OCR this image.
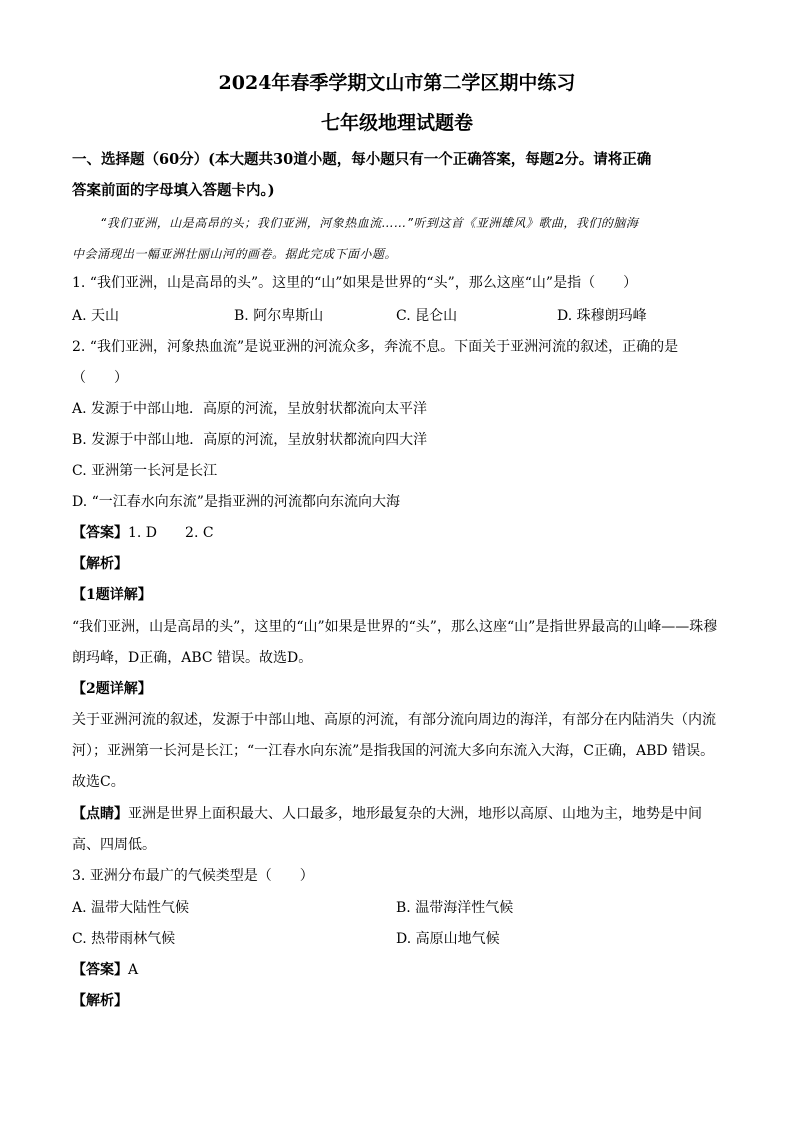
2024年春季学期文山市第二学区期中练习
七年级地理试题卷
一、选择题（60分）(本大题共30道小题，每小题只有一个正确答案，每题2分。请将正确
答案前面的字母填入答题卡内。)
“我们亚洲，山是高昂的头；我们亚洲，河象热血流……”听到这首《亚洲雄风》歌曲，我们的脑海
中会涌现出一幅亚洲壮丽山河的画卷。据此完成下面小题。
1. “我们亚洲，山是高昂的头”。这里的“山”如果是世界的“头”，那么这座“山”是指（　　）
A. 天山	B. 阿尔卑斯山	C. 昆仑山	D. 珠穆朗玛峰
2. “我们亚洲，河象热血流”是说亚洲的河流众多，奔流不息。下面关于亚洲河流的叙述，正确的是
（　　）
A. 发源于中部山地．高原的河流，呈放射状都流向太平洋
B. 发源于中部山地．高原的河流，呈放射状都流向四大洋
C. 亚洲第一长河是长江
D. “一江春水向东流”是指亚洲的河流都向东流向大海
【答案】1. D　　2. C
【解析】
【1题详解】
“我们亚洲，山是高昂的头”，这里的“山”如果是世界的“头”，那么这座“山”是指世界最高的山峰——珠穆
朗玛峰，D正确，ABC 错误。故选D。
【2题详解】
关于亚洲河流的叙述，发源于中部山地、高原的河流，有部分流向周边的海洋，有部分在内陆消失（内流
河）；亚洲第一长河是长江；“一江春水向东流”是指我国的河流大多向东流入大海，C正确，ABD 错误。
故选C。
【点睛】亚洲是世界上面积最大、人口最多，地形最复杂的大洲，地形以高原、山地为主，地势是中间
高、四周低。
3. 亚洲分布最广的气候类型是（　　）
A. 温带大陆性气候	B. 温带海洋性气候
C. 热带雨林气候	D. 高原山地气候
【答案】A
【解析】
